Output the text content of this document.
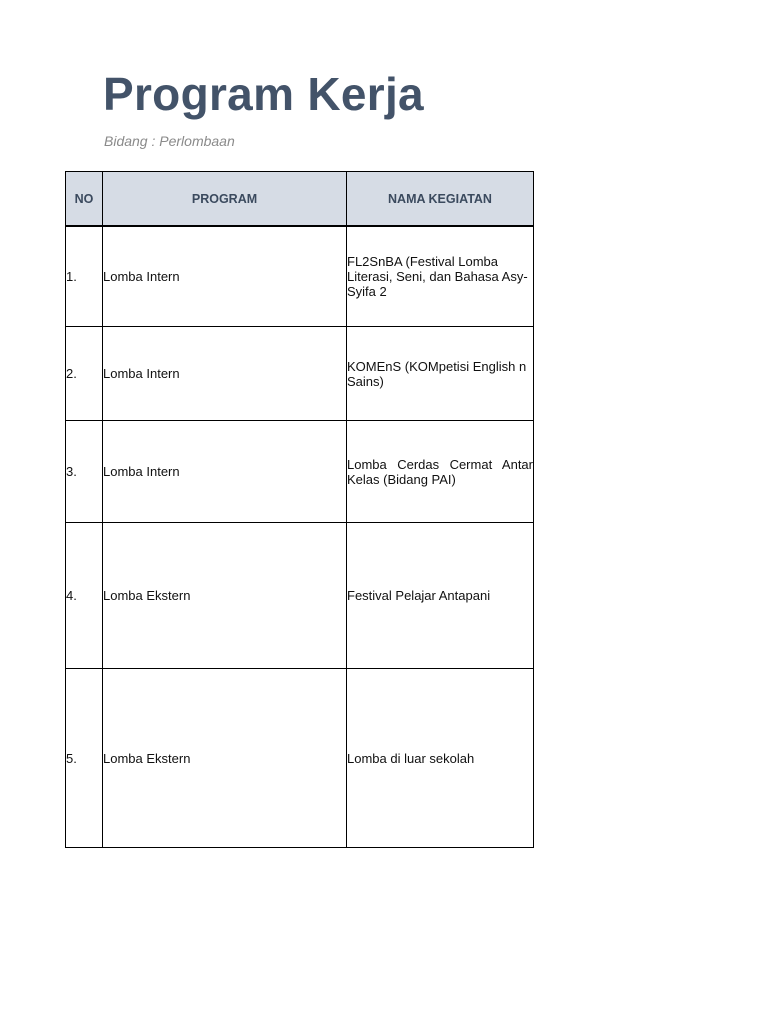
Program Kerja

Bidang : Perlombaan

NO	PROGRAM	NAMA KEGIATAN
1.	Lomba Intern	FL2SnBA (Festival Lomba Literasi, Seni, dan Bahasa Asy-Syifa 2
2.	Lomba Intern	KOMEnS (KOMpetisi English n Sains)
3.	Lomba Intern	Lomba Cerdas Cermat Antar Kelas (Bidang PAI)
4.	Lomba Ekstern	Festival Pelajar Antapani
5.	Lomba Ekstern	Lomba di luar sekolah
